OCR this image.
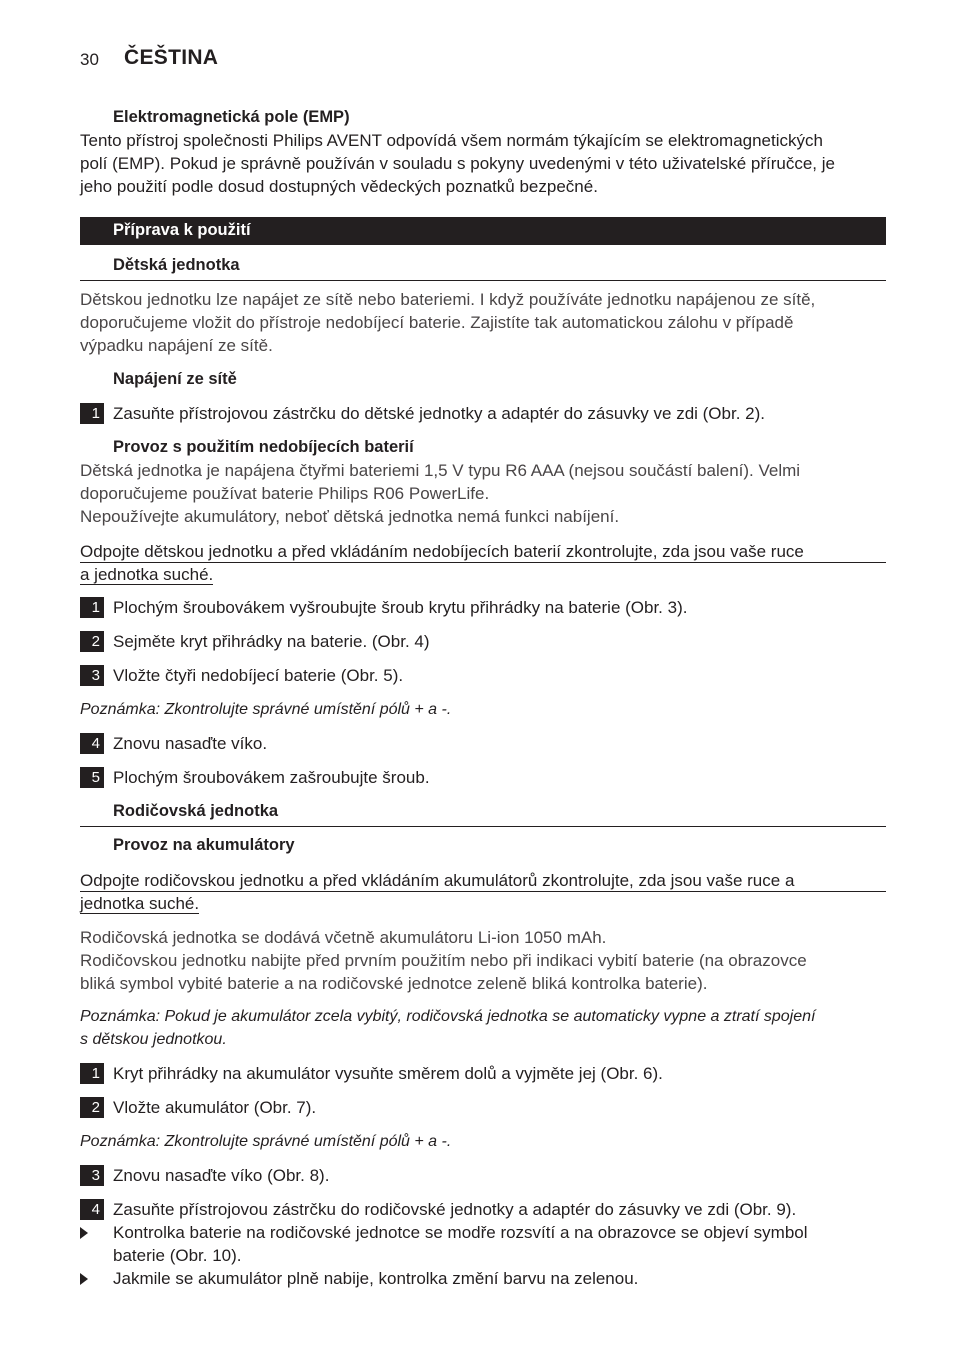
30 ČEŠTINA
Elektromagnetická pole (EMP)
Tento přístroj společnosti Philips AVENT odpovídá všem normám týkajícím se elektromagnetických
polí (EMP). Pokud je správně používán v souladu s pokyny uvedenými v této uživatelské příručce, je
jeho použití podle dosud dostupných vědeckých poznatků bezpečné.
Příprava k použití
Dětská jednotka
Dětskou jednotku lze napájet ze sítě nebo bateriemi. I když používáte jednotku napájenou ze sítě,
doporučujeme vložit do přístroje nedobíjecí baterie. Zajistíte tak automatickou zálohu v případě
výpadku napájení ze sítě.
Napájení ze sítě
1 Zasuňte přístrojovou zástrčku do dětské jednotky a adaptér do zásuvky ve zdi (Obr. 2).
Provoz s použitím nedobíjecích baterií
Dětská jednotka je napájena čtyřmi bateriemi 1,5 V typu R6 AAA (nejsou součástí balení). Velmi
doporučujeme používat baterie Philips R06 PowerLife.
Nepoužívejte akumulátory, neboť dětská jednotka nemá funkci nabíjení.
Odpojte dětskou jednotku a před vkládáním nedobíjecích baterií zkontrolujte, zda jsou vaše ruce
a jednotka suché.
1 Plochým šroubovákem vyšroubujte šroub krytu přihrádky na baterie (Obr. 3).
2 Sejměte kryt přihrádky na baterie. (Obr. 4)
3 Vložte čtyři nedobíjecí baterie (Obr. 5).
Poznámka: Zkontrolujte správné umístění pólů + a -.
4 Znovu nasaďte víko.
5 Plochým šroubovákem zašroubujte šroub.
Rodičovská jednotka
Provoz na akumulátory
Odpojte rodičovskou jednotku a před vkládáním akumulátorů zkontrolujte, zda jsou vaše ruce a
jednotka suché.
Rodičovská jednotka se dodává včetně akumulátoru Li-ion 1050 mAh.
Rodičovskou jednotku nabijte před prvním použitím nebo při indikaci vybití baterie (na obrazovce
bliká symbol vybité baterie a na rodičovské jednotce zeleně bliká kontrolka baterie).
Poznámka: Pokud je akumulátor zcela vybitý, rodičovská jednotka se automaticky vypne a ztratí spojení
s dětskou jednotkou.
1 Kryt přihrádky na akumulátor vysuňte směrem dolů a vyjměte jej (Obr. 6).
2 Vložte akumulátor (Obr. 7).
Poznámka: Zkontrolujte správné umístění pólů + a -.
3 Znovu nasaďte víko (Obr. 8).
4 Zasuňte přístrojovou zástrčku do rodičovské jednotky a adaptér do zásuvky ve zdi (Obr. 9).
Kontrolka baterie na rodičovské jednotce se modře rozsvítí a na obrazovce se objeví symbol
baterie (Obr. 10).
Jakmile se akumulátor plně nabije, kontrolka změní barvu na zelenou.
